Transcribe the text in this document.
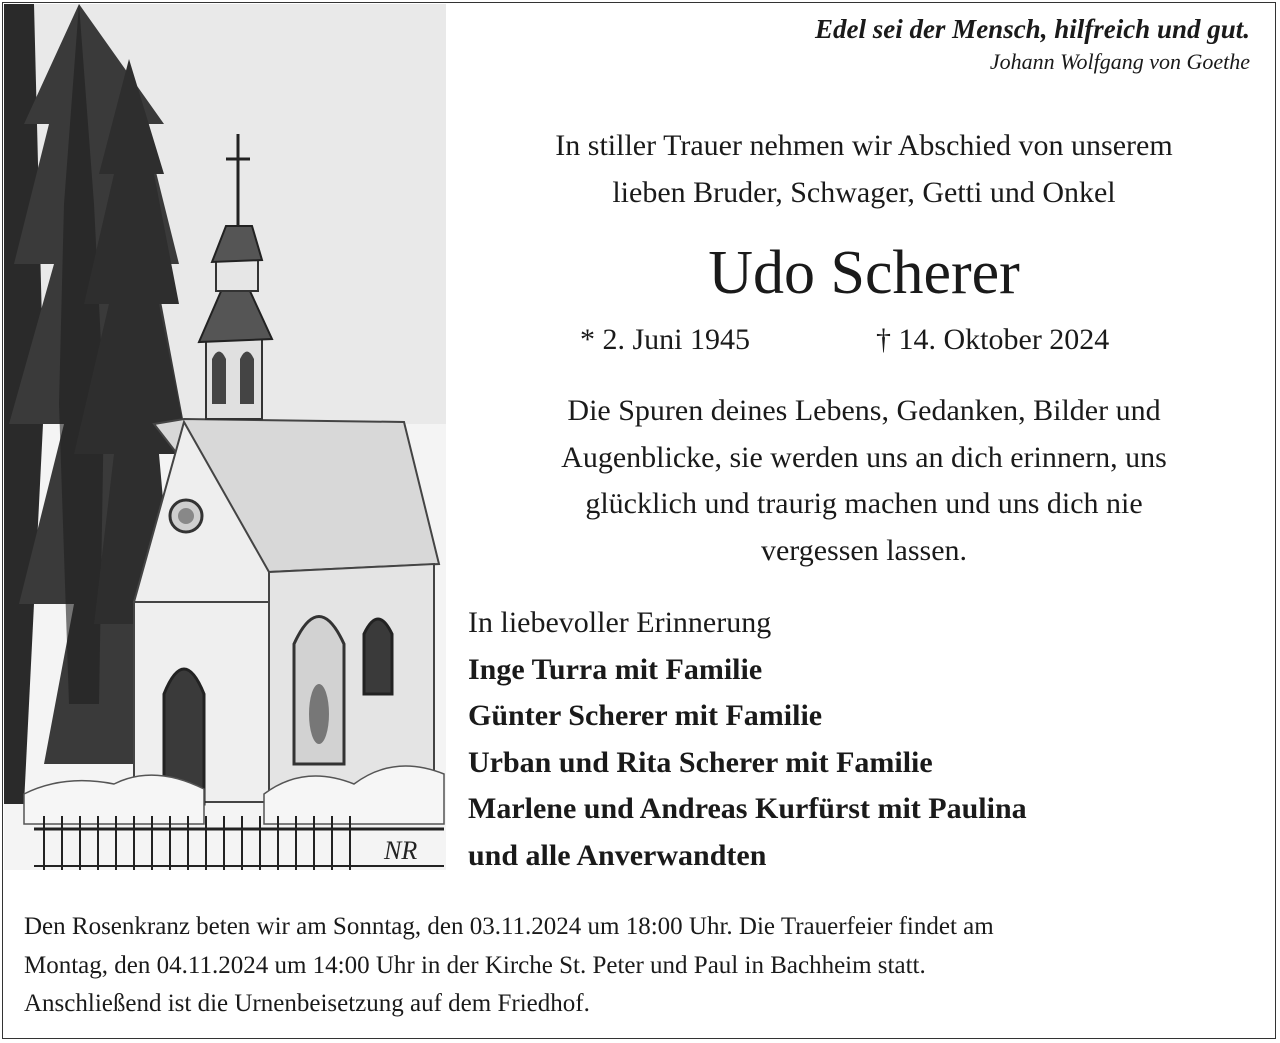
NR
Edel sei der Mensch, hilfreich und gut.
Johann Wolfgang von Goethe
In stiller Trauer nehmen wir Abschied von unserem
lieben Bruder, Schwager, Getti und Onkel
Udo Scherer
* 2. Juni 1945	† 14. Oktober 2024
Die Spuren deines Lebens, Gedanken, Bilder und
Augenblicke, sie werden uns an dich erinnern, uns
glücklich und traurig machen und uns dich nie
vergessen lassen.
In liebevoller Erinnerung
Inge Turra mit Familie
Günter Scherer mit Familie
Urban und Rita Scherer mit Familie
Marlene und Andreas Kurfürst mit Paulina
und alle Anverwandten
Den Rosenkranz beten wir am Sonntag, den 03.11.2024 um 18:00 Uhr. Die Trauerfeier findet am
Montag, den 04.11.2024 um 14:00 Uhr in der Kirche St. Peter und Paul in Bachheim statt.
Anschließend ist die Urnenbeisetzung auf dem Friedhof.
